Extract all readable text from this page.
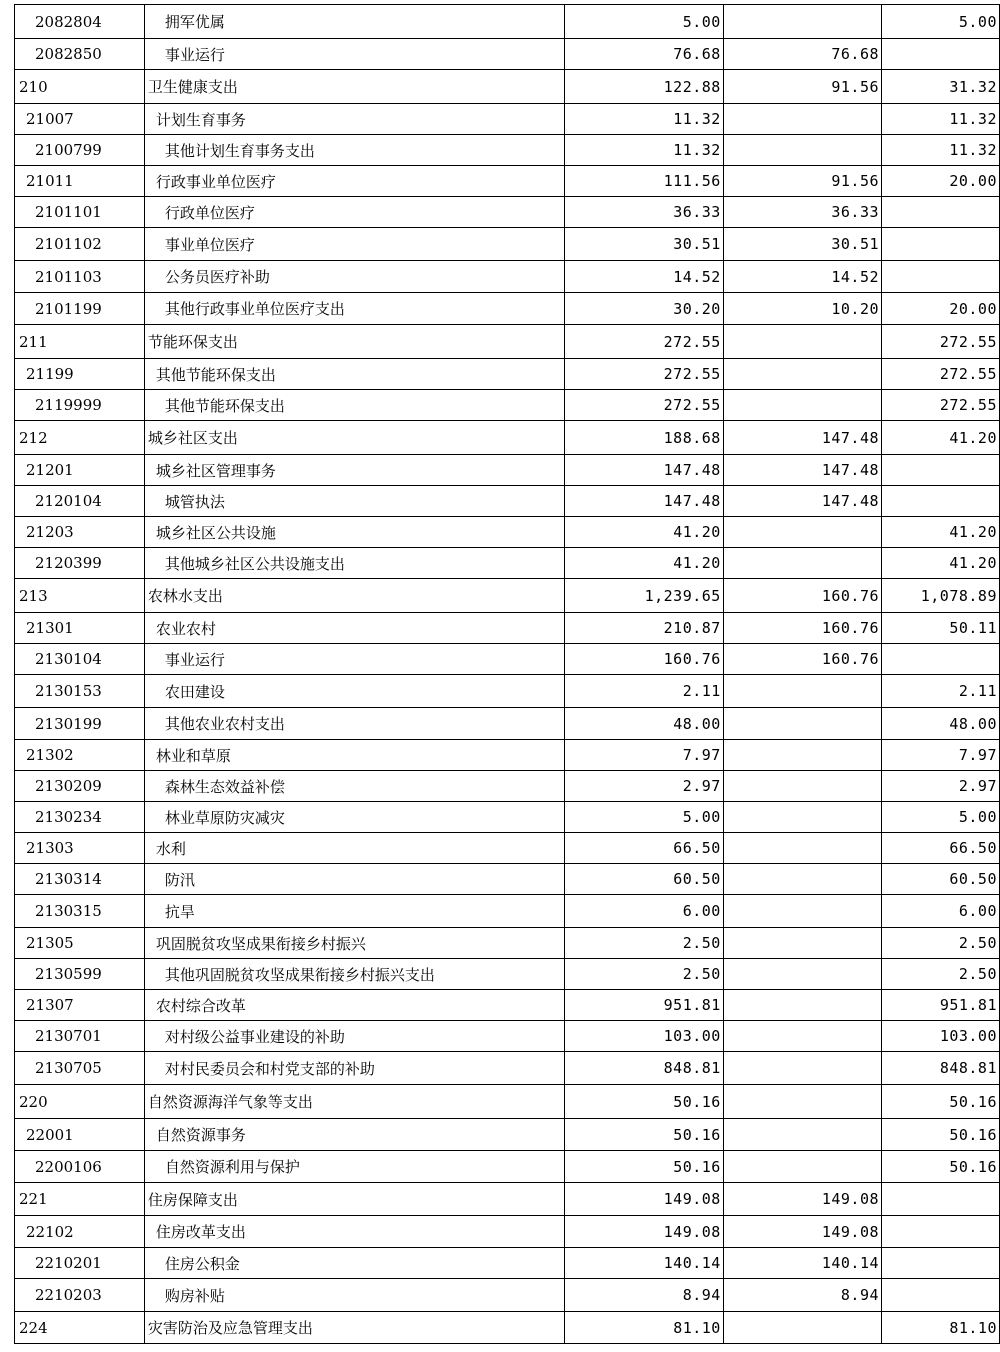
2082804	拥军优属	5.00		5.00
2082850	事业运行	76.68	76.68	
210	卫生健康支出	122.88	91.56	31.32
21007	计划生育事务	11.32		11.32
2100799	其他计划生育事务支出	11.32		11.32
21011	行政事业单位医疗	111.56	91.56	20.00
2101101	行政单位医疗	36.33	36.33	
2101102	事业单位医疗	30.51	30.51	
2101103	公务员医疗补助	14.52	14.52	
2101199	其他行政事业单位医疗支出	30.20	10.20	20.00
211	节能环保支出	272.55		272.55
21199	其他节能环保支出	272.55		272.55
2119999	其他节能环保支出	272.55		272.55
212	城乡社区支出	188.68	147.48	41.20
21201	城乡社区管理事务	147.48	147.48	
2120104	城管执法	147.48	147.48	
21203	城乡社区公共设施	41.20		41.20
2120399	其他城乡社区公共设施支出	41.20		41.20
213	农林水支出	1,239.65	160.76	1,078.89
21301	农业农村	210.87	160.76	50.11
2130104	事业运行	160.76	160.76	
2130153	农田建设	2.11		2.11
2130199	其他农业农村支出	48.00		48.00
21302	林业和草原	7.97		7.97
2130209	森林生态效益补偿	2.97		2.97
2130234	林业草原防灾减灾	5.00		5.00
21303	水利	66.50		66.50
2130314	防汛	60.50		60.50
2130315	抗旱	6.00		6.00
21305	巩固脱贫攻坚成果衔接乡村振兴	2.50		2.50
2130599	其他巩固脱贫攻坚成果衔接乡村振兴支出	2.50		2.50
21307	农村综合改革	951.81		951.81
2130701	对村级公益事业建设的补助	103.00		103.00
2130705	对村民委员会和村党支部的补助	848.81		848.81
220	自然资源海洋气象等支出	50.16		50.16
22001	自然资源事务	50.16		50.16
2200106	自然资源利用与保护	50.16		50.16
221	住房保障支出	149.08	149.08	
22102	住房改革支出	149.08	149.08	
2210201	住房公积金	140.14	140.14	
2210203	购房补贴	8.94	8.94	
224	灾害防治及应急管理支出	81.10		81.10
